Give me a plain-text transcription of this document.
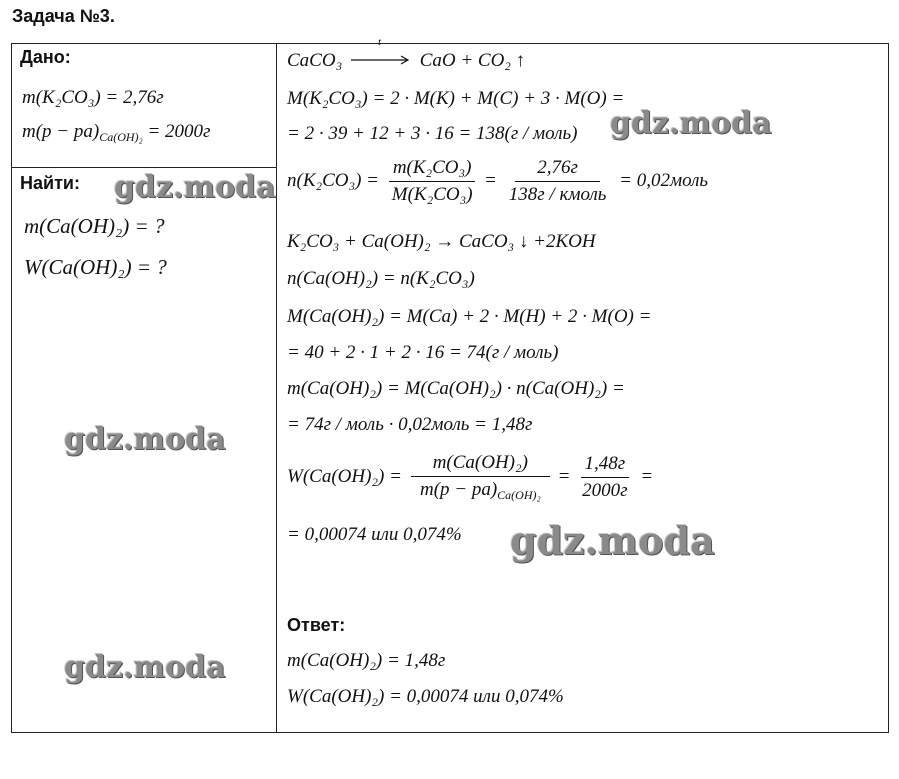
Задача №3.
Дано:
m(K₂CO₃) = 2,76г
$m(p - pa)_{Ca(OH)_2} = 2000г$
Найти:
m(Ca(OH)₂) = ?
W(Ca(OH)₂) = ?
CaCO₃
t
CaO + CO₂ ↑
M(K₂CO₃) = 2 · M(K) + M(C) + 3 · M(O) =
= 2 · 39 + 12 + 3 · 16 = 138(г / моль)
$n(K_2CO_3) = \frac{\text{m(K₂CO₃)}}{\text{M(K₂CO₃)}} = \frac{2,76г}{\text{138г / кмоль}}$ = 0,02моль
K₂CO₃ + Ca(OH)₂ → CaCO₃ ↓ +2KOH
n(Ca(OH)₂) = n(K₂CO₃)
M(Ca(OH)₂) = M(Ca) + 2 · M(H) + 2 · M(O) =
= 40 + 2 · 1 + 2 · 16 = 74(г / моль)
m(Ca(OH)₂) = M(Ca(OH)₂) · n(Ca(OH)₂) =
= 74г / моль · 0,02моль = 1,48г
$W(Ca(OH)_2) = \frac{\text{m(Ca(OH)₂)}}{m(p - pa)_{Ca(OH)_2}} = \frac{1,48г}{2000г}$ =
= 0,00074 или 0,074%
Ответ:
m(Ca(OH)₂) = 1,48г
W(Ca(OH)₂) = 0,00074 или 0,074%
gdz.moda
gdz.moda
gdz.moda
gdz.moda
gdz.moda
